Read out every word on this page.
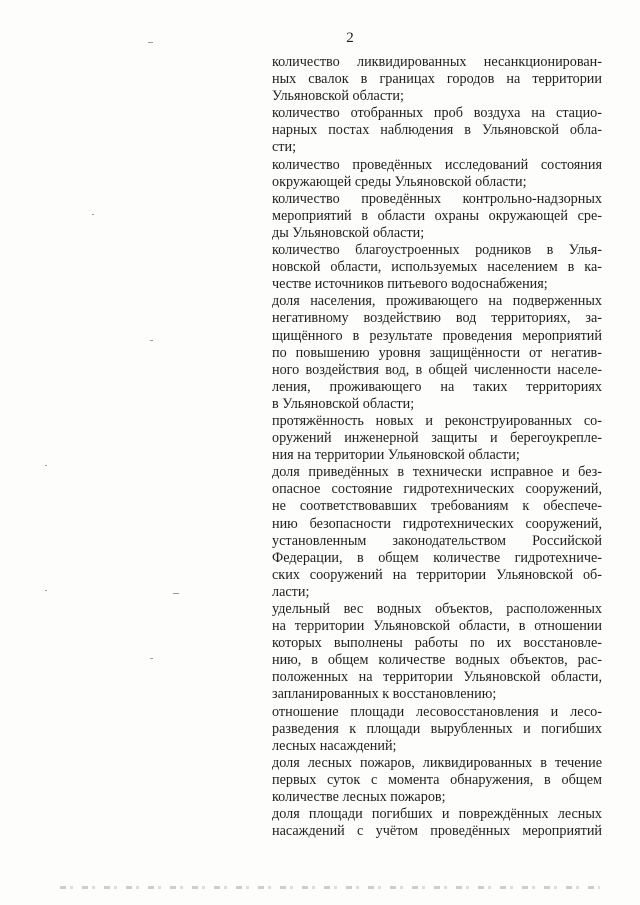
2
количество ликвидированных несанкционирован-
ных свалок в границах городов на территории
Ульяновской области;
количество отобранных проб воздуха на стацио-
нарных постах наблюдения в Ульяновской обла-
сти;
количество проведённых исследований состояния
окружающей среды Ульяновской области;
количество проведённых контрольно-надзорных
мероприятий в области охраны окружающей сре-
ды Ульяновской области;
количество благоустроенных родников в Улья-
новской области, используемых населением в ка-
честве источников питьевого водоснабжения;
доля населения, проживающего на подверженных
негативному воздействию вод территориях, за-
щищённого в результате проведения мероприятий
по повышению уровня защищённости от негатив-
ного воздействия вод, в общей численности населе-
ления, проживающего на таких территориях
в Ульяновской области;
протяжённость новых и реконструированных со-
оружений инженерной защиты и берегоукрепле-
ния на территории Ульяновской области;
доля приведённых в технически исправное и без-
опасное состояние гидротехнических сооружений,
не соответствовавших требованиям к обеспече-
нию безопасности гидротехнических сооружений,
установленным законодательством Российской
Федерации, в общем количестве гидротехниче-
ских сооружений на территории Ульяновской об-
ласти;
удельный вес водных объектов, расположенных
на территории Ульяновской области, в отношении
которых выполнены работы по их восстановле-
нию, в общем количестве водных объектов, рас-
положенных на территории Ульяновской области,
запланированных к восстановлению;
отношение площади лесовосстановления и лесо-
разведения к площади вырубленных и погибших
лесных насаждений;
доля лесных пожаров, ликвидированных в течение
первых суток с момента обнаружения, в общем
количестве лесных пожаров;
доля площади погибших и повреждённых лесных
насаждений с учётом проведённых мероприятий
